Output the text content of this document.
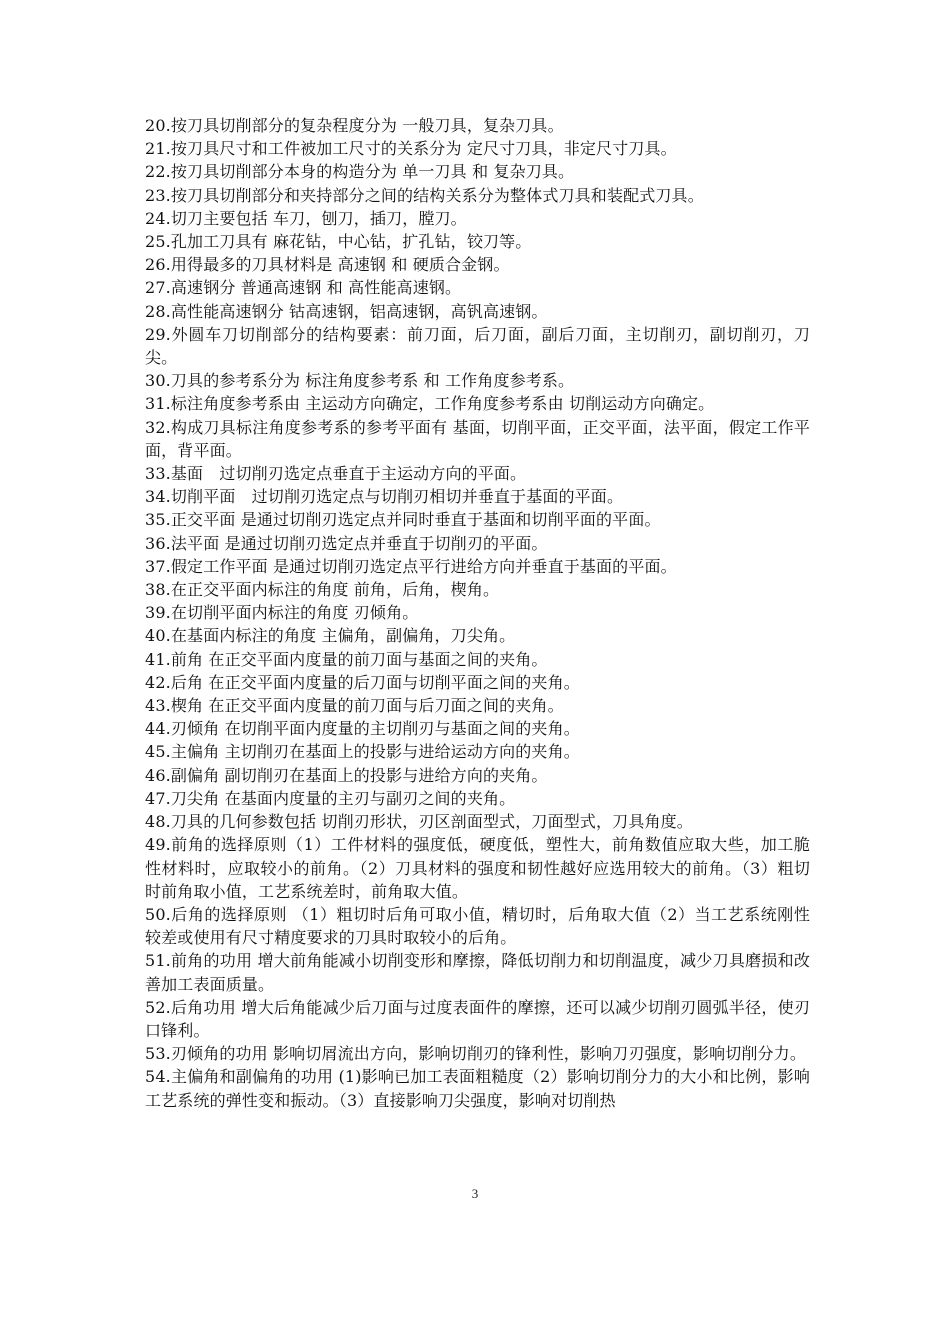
20.按刀具切削部分的复杂程度分为 一般刀具，复杂刀具。

21.按刀具尺寸和工件被加工尺寸的关系分为 定尺寸刀具，非定尺寸刀具。

22.按刀具切削部分本身的构造分为 单一刀具 和 复杂刀具。

23.按刀具切削部分和夹持部分之间的结构关系分为整体式刀具和装配式刀具。

24.切刀主要包括 车刀，刨刀，插刀，膛刀。

25.孔加工刀具有 麻花钻，中心钻，扩孔钻，铰刀等。

26.用得最多的刀具材料是 高速钢 和 硬质合金钢。

27.高速钢分 普通高速钢 和 高性能高速钢。

28.高性能高速钢分 钴高速钢，铝高速钢，高钒高速钢。

29.外圆车刀切削部分的结构要素：前刀面，后刀面，副后刀面，主切削刃，副切削刃，刀尖。

30.刀具的参考系分为 标注角度参考系 和 工作角度参考系。

31.标注角度参考系由 主运动方向确定，工作角度参考系由 切削运动方向确定。

32.构成刀具标注角度参考系的参考平面有 基面，切削平面，正交平面，法平面，假定工作平面，背平面。

33.基面　过切削刃选定点垂直于主运动方向的平面。

34.切削平面　过切削刃选定点与切削刃相切并垂直于基面的平面。

35.正交平面 是通过切削刃选定点并同时垂直于基面和切削平面的平面。

36.法平面 是通过切削刃选定点并垂直于切削刃的平面。

37.假定工作平面 是通过切削刃选定点平行进给方向并垂直于基面的平面。

38.在正交平面内标注的角度 前角，后角，楔角。

39.在切削平面内标注的角度 刃倾角。

40.在基面内标注的角度 主偏角，副偏角，刀尖角。

41.前角 在正交平面内度量的前刀面与基面之间的夹角。

42.后角 在正交平面内度量的后刀面与切削平面之间的夹角。

43.楔角 在正交平面内度量的前刀面与后刀面之间的夹角。

44.刃倾角 在切削平面内度量的主切削刃与基面之间的夹角。

45.主偏角 主切削刃在基面上的投影与进给运动方向的夹角。

46.副偏角 副切削刃在基面上的投影与进给方向的夹角。

47.刀尖角 在基面内度量的主刃与副刃之间的夹角。

48.刀具的几何参数包括 切削刃形状，刃区剖面型式，刀面型式，刀具角度。

49.前角的选择原则（1）工件材料的强度低，硬度低，塑性大，前角数值应取大些，加工脆性材料时，应取较小的前角。（2）刀具材料的强度和韧性越好应选用较大的前角。（3）粗切时前角取小值，工艺系统差时，前角取大值。

50.后角的选择原则 （1）粗切时后角可取小值，精切时，后角取大值（2）当工艺系统刚性较差或使用有尺寸精度要求的刀具时取较小的后角。

51.前角的功用 增大前角能减小切削变形和摩擦，降低切削力和切削温度，减少刀具磨损和改善加工表面质量。

52.后角功用 增大后角能减少后刀面与过度表面件的摩擦，还可以减少切削刃圆弧半径，使刃口锋利。

53.刃倾角的功用 影响切屑流出方向，影响切削刃的锋利性，影响刀刃强度，影响切削分力。

54.主偏角和副偏角的功用 (1)影响已加工表面粗糙度（2）影响切削分力的大小和比例，影响工艺系统的弹性变和振动。（3）直接影响刀尖强度，影响对切削热

3
